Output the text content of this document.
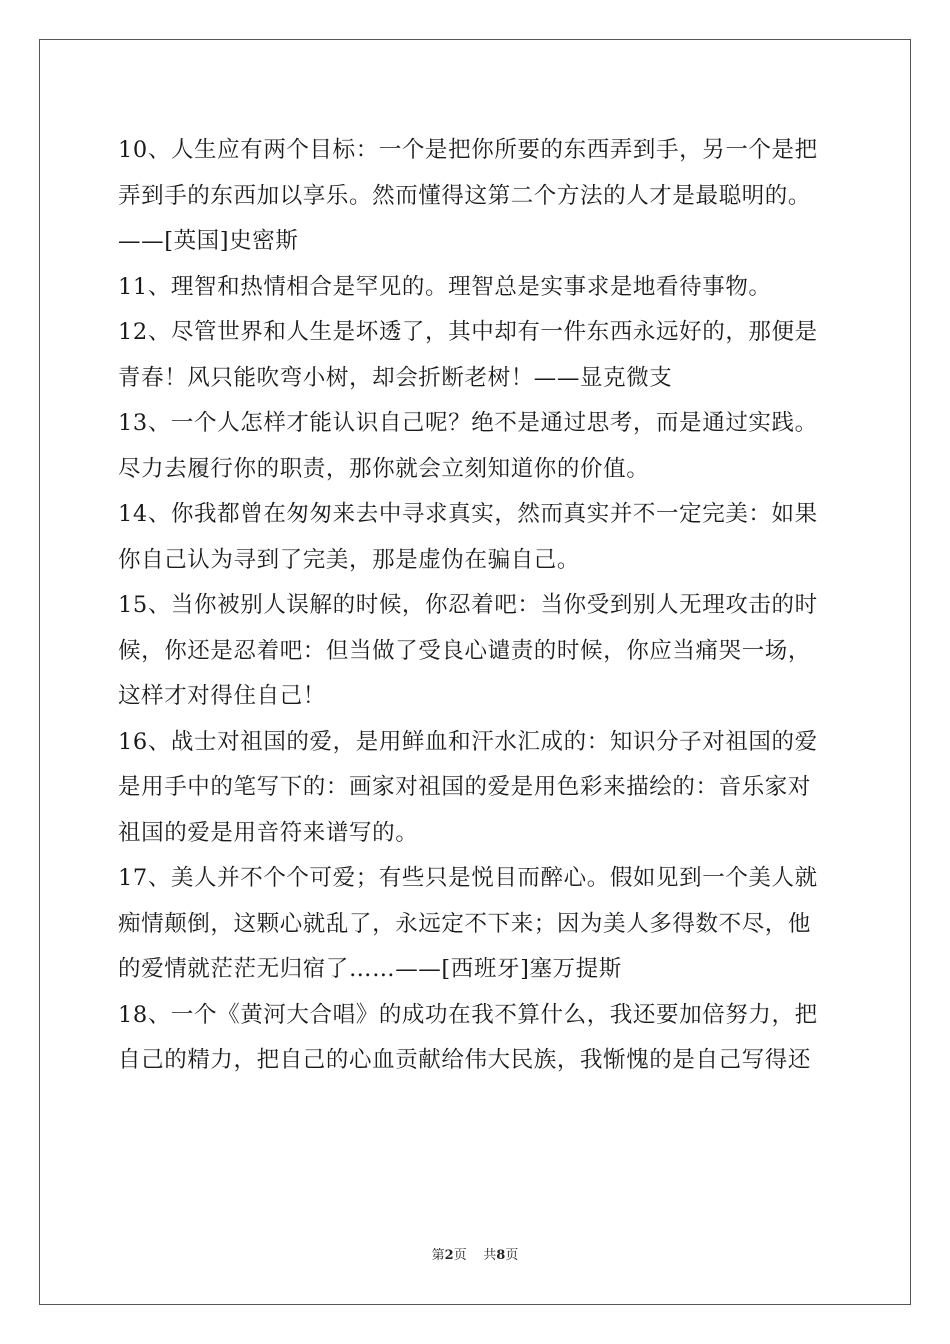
10、人生应有两个目标：一个是把你所要的东西弄到手，另一个是把
弄到手的东西加以享乐。然而懂得这第二个方法的人才是最聪明的。
——[英国]史密斯
11、理智和热情相合是罕见的。理智总是实事求是地看待事物。
12、尽管世界和人生是坏透了，其中却有一件东西永远好的，那便是
青春！风只能吹弯小树，却会折断老树！——显克微支
13、一个人怎样才能认识自己呢？绝不是通过思考，而是通过实践。
尽力去履行你的职责，那你就会立刻知道你的价值。
14、你我都曾在匆匆来去中寻求真实，然而真实并不一定完美：如果
你自己认为寻到了完美，那是虚伪在骗自己。
15、当你被别人误解的时候，你忍着吧：当你受到别人无理攻击的时
候，你还是忍着吧：但当做了受良心谴责的时候，你应当痛哭一场，
这样才对得住自己！
16、战士对祖国的爱，是用鲜血和汗水汇成的：知识分子对祖国的爱
是用手中的笔写下的：画家对祖国的爱是用色彩来描绘的：音乐家对
祖国的爱是用音符来谱写的。
17、美人并不个个可爱；有些只是悦目而醉心。假如见到一个美人就
痴情颠倒，这颗心就乱了，永远定不下来；因为美人多得数不尽，他
的爱情就茫茫无归宿了……——[西班牙]塞万提斯
18、一个《黄河大合唱》的成功在我不算什么，我还要加倍努力，把
自己的精力，把自己的心血贡献给伟大民族，我惭愧的是自己写得还
第2页 共8页
